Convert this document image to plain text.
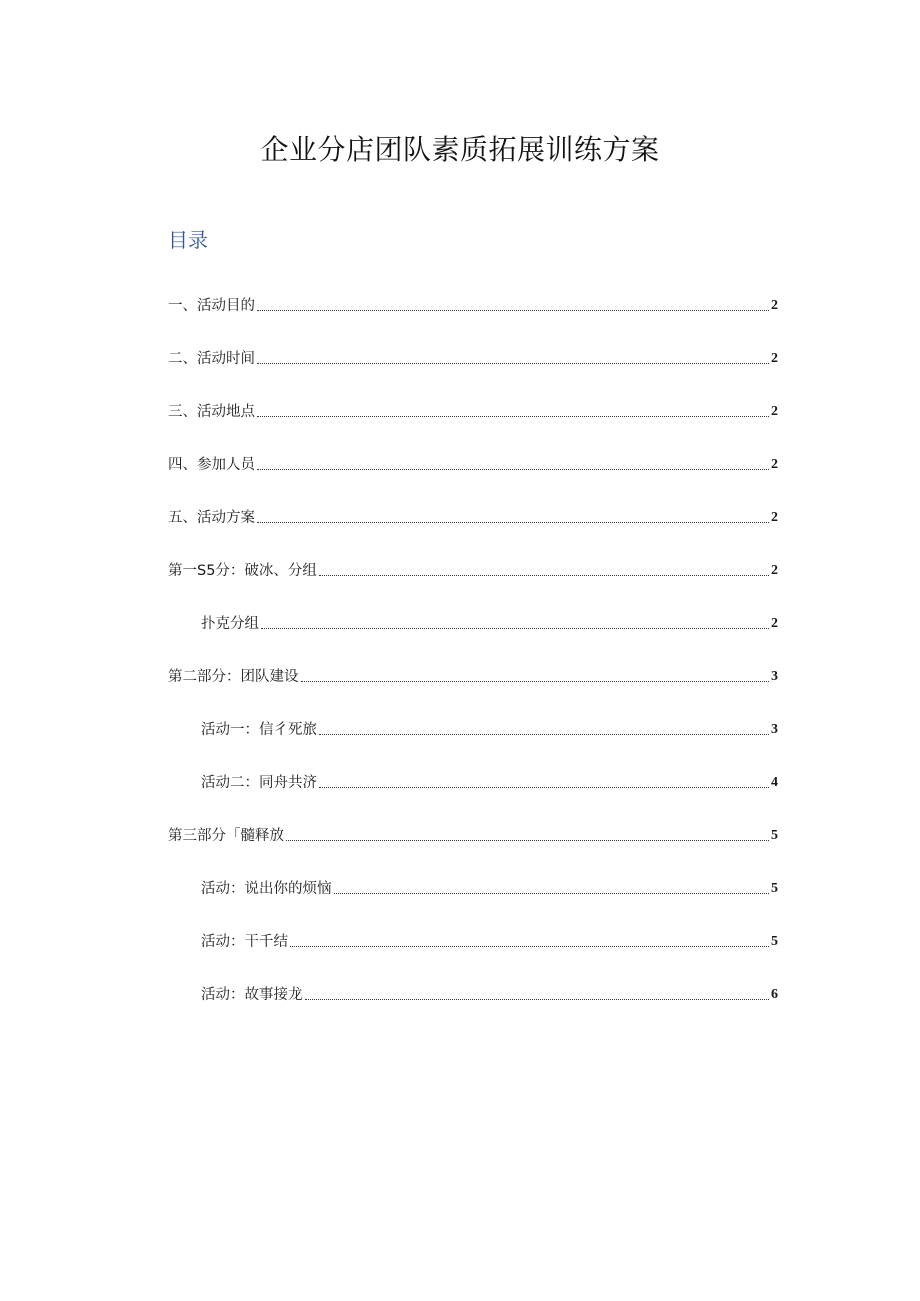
企业分店团队素质拓展训练方案
目录
一、活动目的	2
二、活动时间	2
三、活动地点	2
四、参加人员	2
五、活动方案	2
第一S5分：破冰、分组	2
扑克分组	2
第二部分：团队建设	3
活动一：信彳死旅	3
活动二：同舟共济	4
第三部分「髓释放	5
活动：说出你的烦恼	5
活动：干千结	5
活动：故事接龙	6
